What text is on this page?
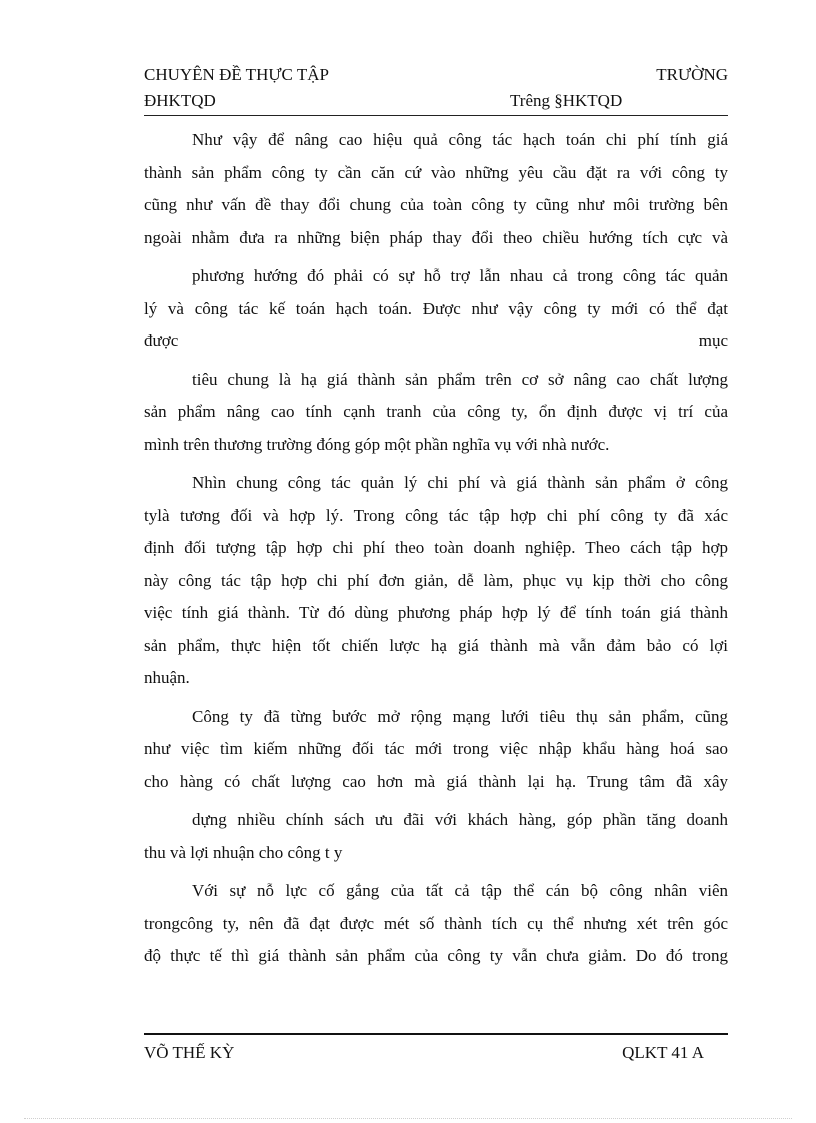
CHUYÊN ĐỀ THỰC TẬP	TRƯỜNG
ĐHKTQD	Trêng §HKTQD

Như vậy để nâng cao hiệu quả công tác hạch toán chi phí tính giá
thành sản phẩm công ty cần căn cứ vào những yêu cầu đặt ra với công ty
cũng như vấn đề thay đổi chung của toàn công ty cũng như môi trường bên
ngoài nhằm đưa ra những biện pháp thay đổi theo chiều hướng tích cực và

phương hướng đó phải có sự hỗ trợ lẫn nhau cả trong công tác quản
lý và công tác kế toán hạch toán. Được như vậy công ty mới có thể đạt
được	mục

tiêu chung là hạ giá thành sản phẩm trên cơ sở nâng cao chất lượng
sản phẩm nâng cao tính cạnh tranh của công ty, ổn định được vị trí của
mình trên thương trường đóng góp một phần nghĩa vụ với nhà nước.

Nhìn chung công tác quản lý chi phí và giá thành sản phẩm ở công
tylà tương đối và hợp lý. Trong công tác tập hợp chi phí công ty đã xác
định đối tượng tập hợp chi phí theo toàn doanh nghiệp. Theo cách tập hợp
này công tác tập hợp chi phí đơn giản, dễ làm, phục vụ kịp thời cho công
việc tính giá thành. Từ đó dùng phương pháp hợp lý để tính toán giá thành
sản phẩm, thực hiện tốt chiến lược hạ giá thành mà vẫn đảm bảo có lợi
nhuận.

Công ty đã từng bước mở rộng mạng lưới tiêu thụ sản phẩm, cũng
như việc tìm kiếm những đối tác mới trong việc nhập khẩu hàng hoá sao
cho hàng có chất lượng cao hơn mà giá thành lại hạ. Trung tâm đã xây

dựng nhiều chính sách ưu đãi với khách hàng, góp phần tăng doanh
thu và lợi nhuận cho công t y

Với sự nỗ lực cố gắng của tất cả tập thể cán bộ công nhân viên
trongcông ty, nên đã đạt được mét số thành tích cụ thể nhưng xét trên góc
độ thực tế thì giá thành sản phẩm của công ty vẫn chưa giảm. Do đó trong

VÕ THẾ KỲ	QLKT 41 A
